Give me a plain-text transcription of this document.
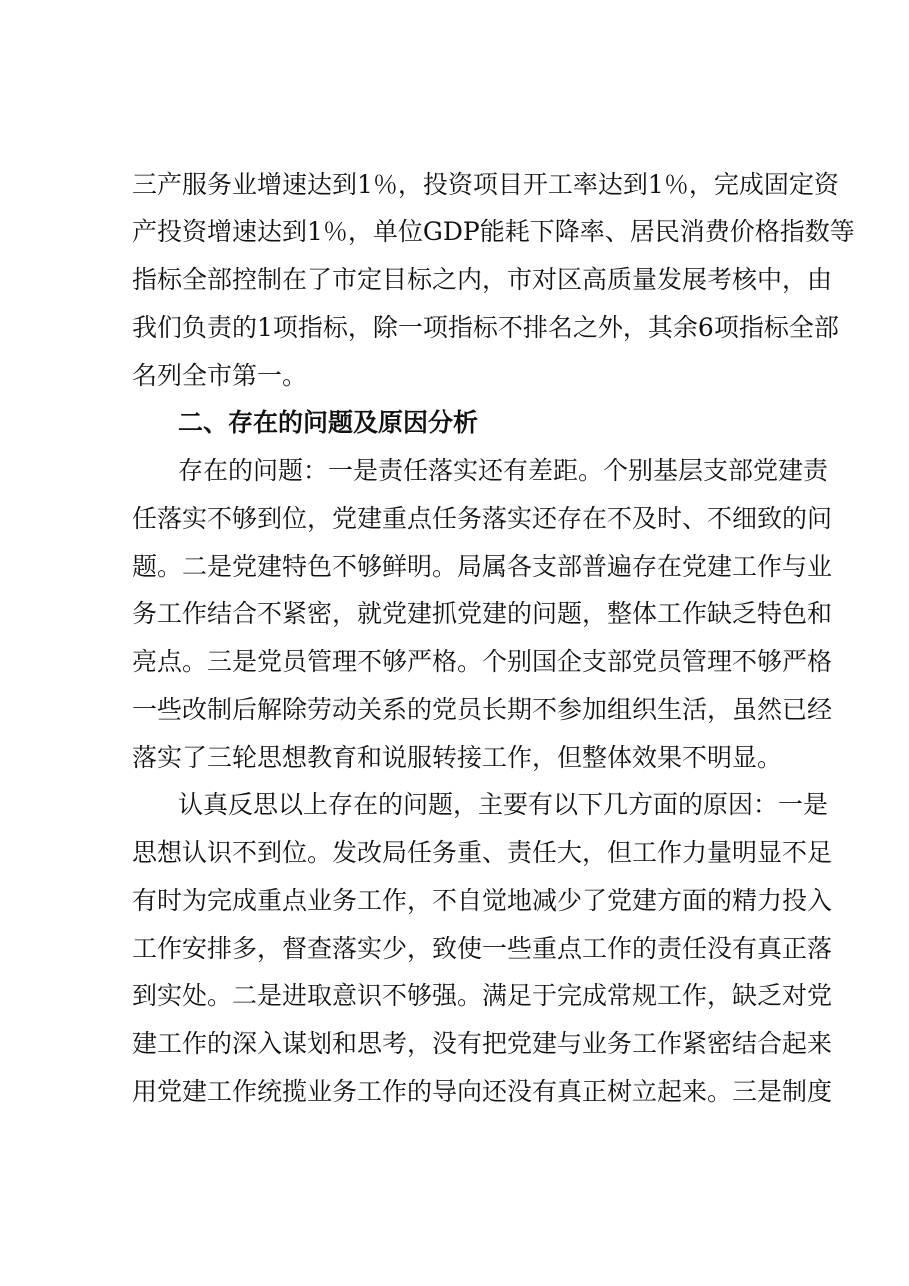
三产服务业增速达到1％，投资项目开工率达到1％，完成固定资
产投资增速达到1％，单位GDP能耗下降率、居民消费价格指数等
指标全部控制在了市定目标之内，市对区高质量发展考核中，由
我们负责的1项指标，除一项指标不排名之外，其余6项指标全部
名列全市第一。
二、存在的问题及原因分析
存在的问题：一是责任落实还有差距。个别基层支部党建责
任落实不够到位，党建重点任务落实还存在不及时、不细致的问
题。二是党建特色不够鲜明。局属各支部普遍存在党建工作与业
务工作结合不紧密，就党建抓党建的问题，整体工作缺乏特色和
亮点。三是党员管理不够严格。个别国企支部党员管理不够严格
一些改制后解除劳动关系的党员长期不参加组织生活，虽然已经
落实了三轮思想教育和说服转接工作，但整体效果不明显。
认真反思以上存在的问题，主要有以下几方面的原因：一是
思想认识不到位。发改局任务重、责任大，但工作力量明显不足
有时为完成重点业务工作，不自觉地减少了党建方面的精力投入
工作安排多，督查落实少，致使一些重点工作的责任没有真正落
到实处。二是进取意识不够强。满足于完成常规工作，缺乏对党
建工作的深入谋划和思考，没有把党建与业务工作紧密结合起来
用党建工作统揽业务工作的导向还没有真正树立起来。三是制度
